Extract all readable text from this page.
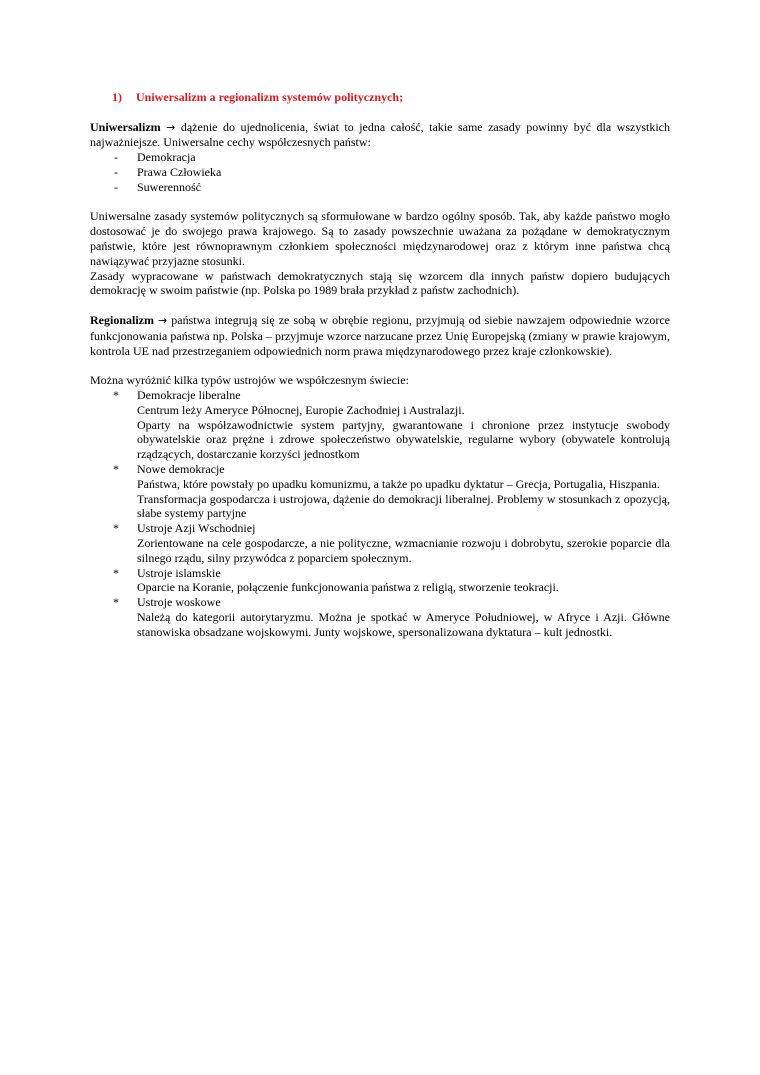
1) Uniwersalizm a regionalizm systemów politycznych;
Uniwersalizm → dążenie do ujednolicenia, świat to jedna całość, takie same zasady powinny być dla wszystkich najważniejsze. Uniwersalne cechy współczesnych państw:
- Demokracja
- Prawa Człowieka
- Suwerenność
Uniwersalne zasady systemów politycznych są sformułowane w bardzo ogólny sposób. Tak, aby każde państwo mogło dostosować je do swojego prawa krajowego. Są to zasady powszechnie uważana za pożądane w demokratycznym państwie, które jest równoprawnym członkiem społeczności międzynarodowej oraz z którym inne państwa chcą nawiązywać przyjazne stosunki.
Zasady wypracowane w państwach demokratycznych stają się wzorcem dla innych państw dopiero budujących demokrację w swoim państwie (np. Polska po 1989 brała przykład z państw zachodnich).
Regionalizm → państwa integrują się ze sobą w obrębie regionu, przyjmują od siebie nawzajem odpowiednie wzorce funkcjonowania państwa np. Polska – przyjmuje wzorce narzucane przez Unię Europejską (zmiany w prawie krajowym, kontrola UE nad przestrzeganiem odpowiednich norm prawa międzynarodowego przez kraje członkowskie).
Można wyróżnić kilka typów ustrojów we współczesnym świecie:
* Demokracje liberalne
Centrum leży Ameryce Północnej, Europie Zachodniej i Australazji.
Oparty na współzawodnictwie system partyjny, gwarantowane i chronione przez instytucje swobody obywatelskie oraz prężne i zdrowe społeczeństwo obywatelskie, regularne wybory (obywatele kontrolują rządzących, dostarczanie korzyści jednostkom
* Nowe demokracje
Państwa, które powstały po upadku komunizmu, a także po upadku dyktatur – Grecja, Portugalia, Hiszpania.
Transformacja gospodarcza i ustrojowa, dążenie do demokracji liberalnej. Problemy w stosunkach z opozycją, słabe systemy partyjne
* Ustroje Azji Wschodniej
Zorientowane na cele gospodarcze, a nie polityczne, wzmacnianie rozwoju i dobrobytu, szerokie poparcie dla silnego rządu, silny przywódca z poparciem społecznym.
* Ustroje islamskie
Oparcie na Koranie, połączenie funkcjonowania państwa z religią, stworzenie teokracji.
* Ustroje woskowe
Należą do kategorii autorytaryzmu. Można je spotkać w Ameryce Południowej, w Afryce i Azji. Główne stanowiska obsadzane wojskowymi. Junty wojskowe, spersonalizowana dyktatura – kult jednostki.
